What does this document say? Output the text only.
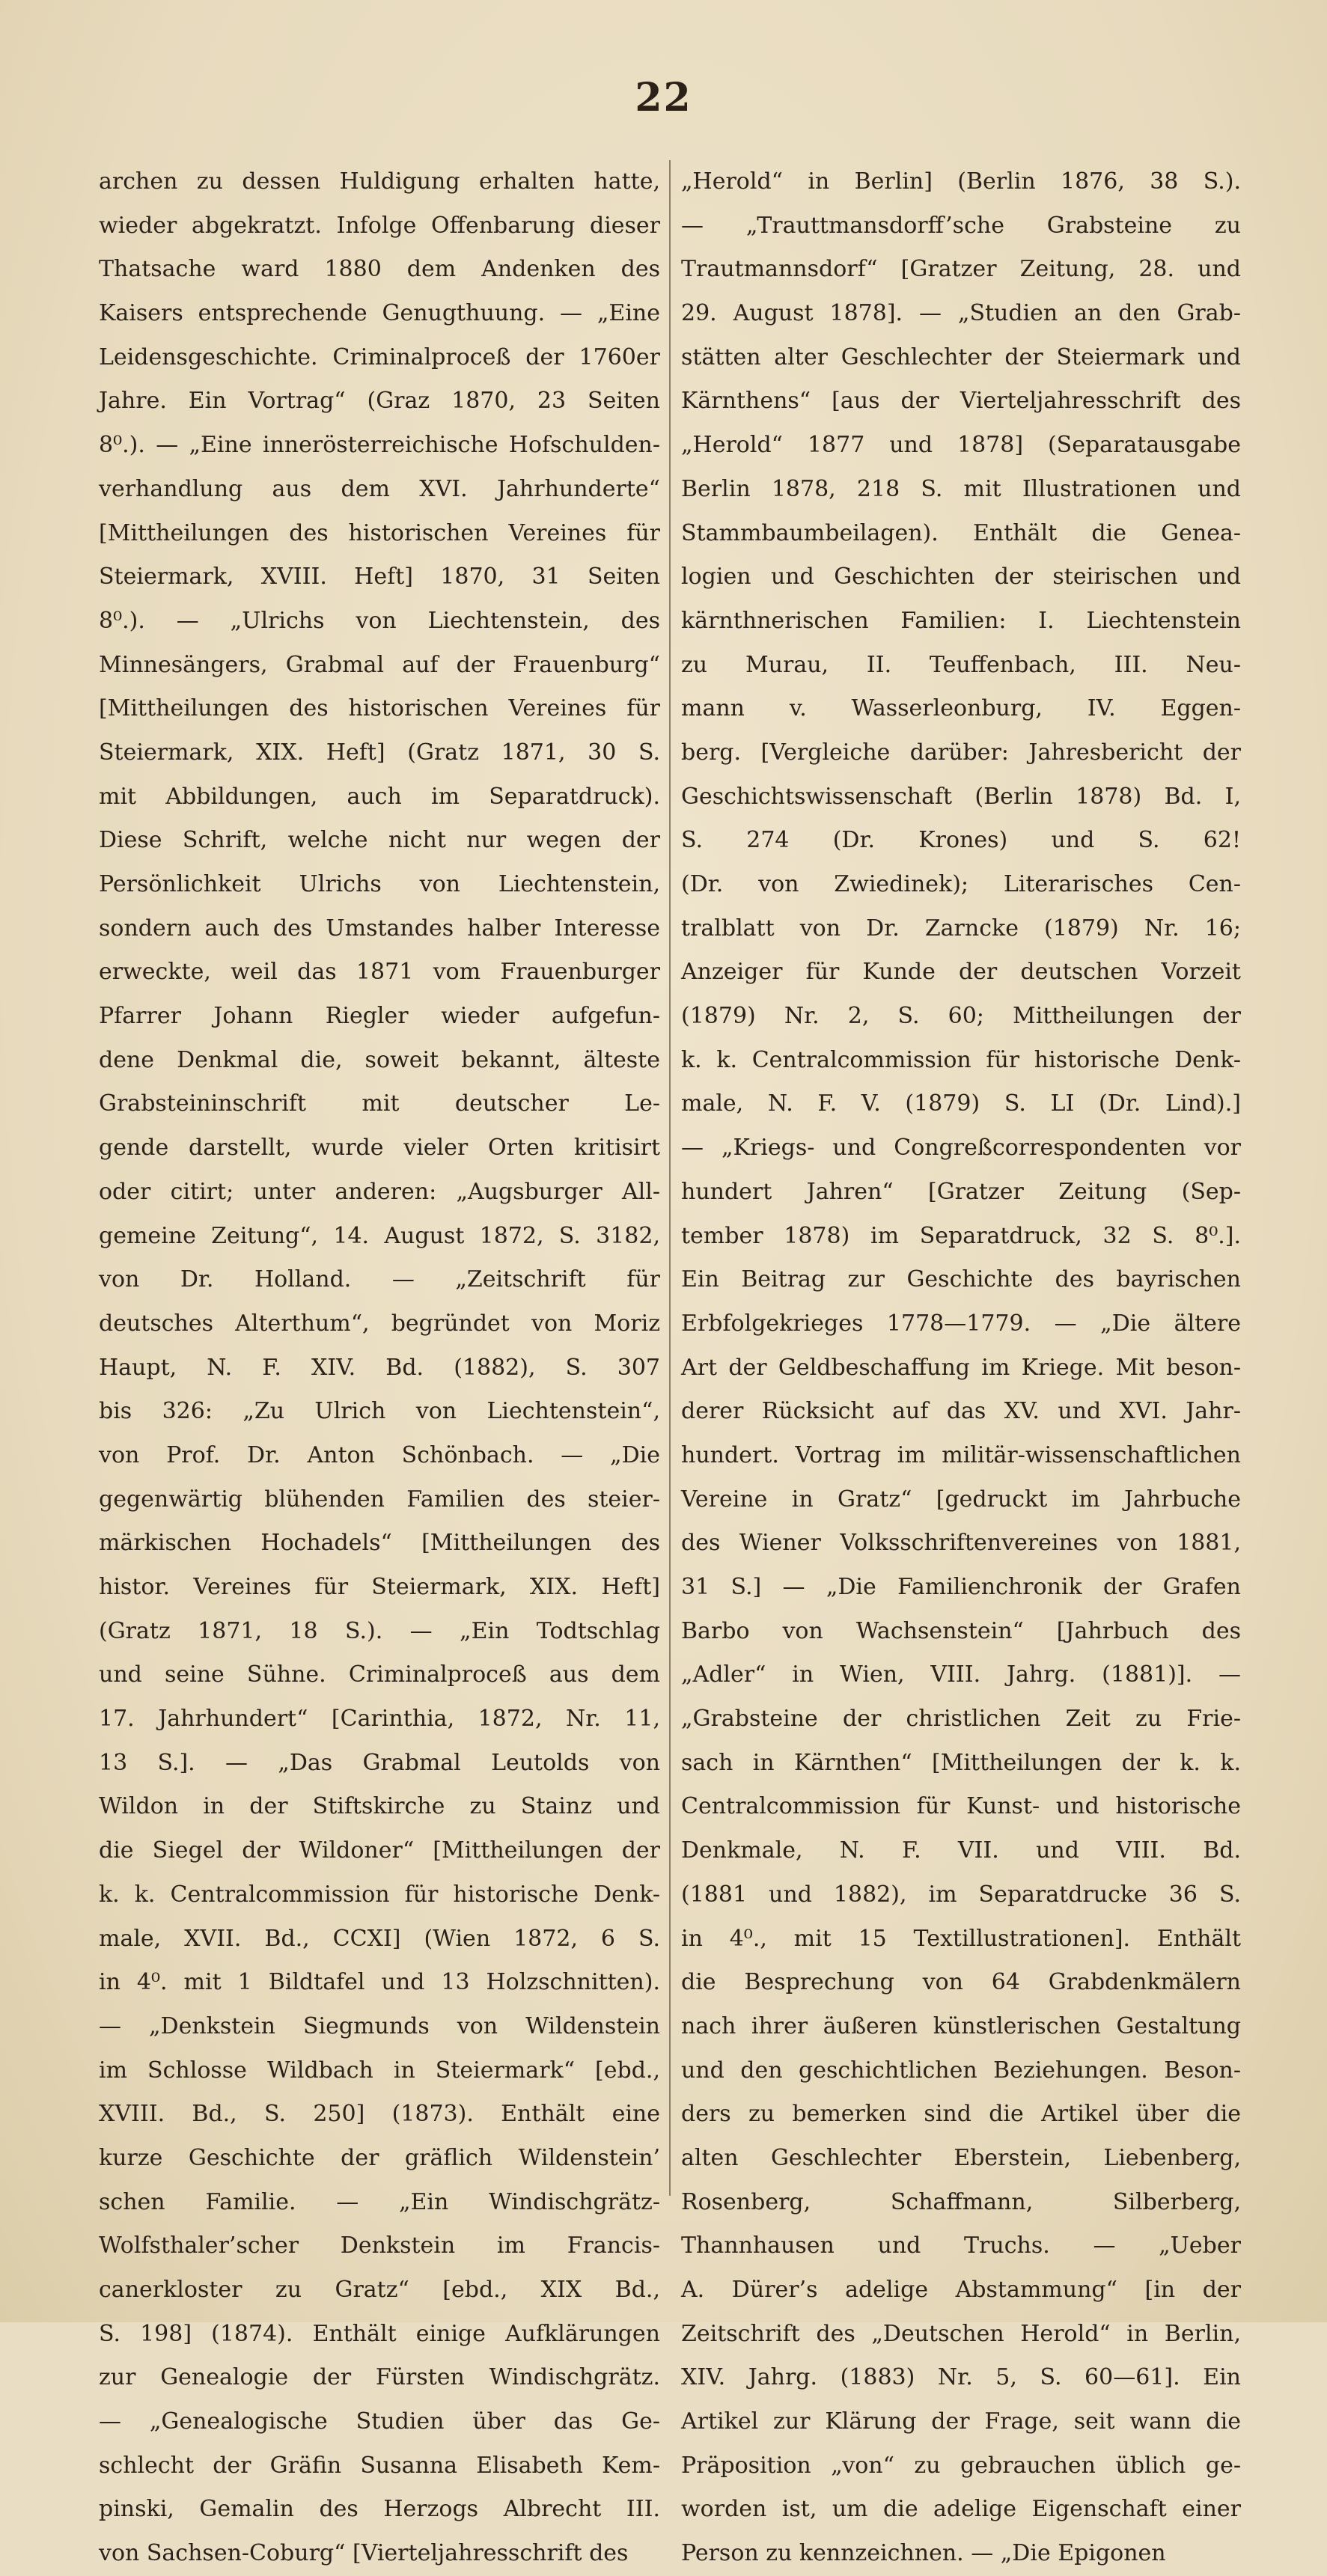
22
archen zu dessen Huldigung erhalten hatte,
wieder abgekratzt. Infolge Offenbarung dieser
Thatsache ward 1880 dem Andenken des
Kaisers entsprechende Genugthuung. — „Eine
Leidensgeschichte. Criminalproceß der 1760er
Jahre. Ein Vortrag“ (Graz 1870, 23 Seiten
8⁰.). — „Eine innerösterreichische Hofschulden-
verhandlung aus dem XVI. Jahrhunderte“
[Mittheilungen des historischen Vereines für
Steiermark, XVIII. Heft] 1870, 31 Seiten
8⁰.). — „Ulrichs von Liechtenstein, des
Minnesängers, Grabmal auf der Frauenburg“
[Mittheilungen des historischen Vereines für
Steiermark, XIX. Heft] (Gratz 1871, 30 S.
mit Abbildungen, auch im Separatdruck).
Diese Schrift, welche nicht nur wegen der
Persönlichkeit Ulrichs von Liechtenstein,
sondern auch des Umstandes halber Interesse
erweckte, weil das 1871 vom Frauenburger
Pfarrer Johann Riegler wieder aufgefun-
dene Denkmal die, soweit bekannt, älteste
Grabsteininschrift mit deutscher Le-
gende darstellt, wurde vieler Orten kritisirt
oder citirt; unter anderen: „Augsburger All-
gemeine Zeitung“, 14. August 1872, S. 3182,
von Dr. Holland. — „Zeitschrift für
deutsches Alterthum“, begründet von Moriz
Haupt, N. F. XIV. Bd. (1882), S. 307
bis 326: „Zu Ulrich von Liechtenstein“,
von Prof. Dr. Anton Schönbach. — „Die
gegenwärtig blühenden Familien des steier-
märkischen Hochadels“ [Mittheilungen des
histor. Vereines für Steiermark, XIX. Heft]
(Gratz 1871, 18 S.). — „Ein Todtschlag
und seine Sühne. Criminalproceß aus dem
17. Jahrhundert“ [Carinthia, 1872, Nr. 11,
13 S.]. — „Das Grabmal Leutolds von
Wildon in der Stiftskirche zu Stainz und
die Siegel der Wildoner“ [Mittheilungen der
k. k. Centralcommission für historische Denk-
male, XVII. Bd., CCXI] (Wien 1872, 6 S.
in 4⁰. mit 1 Bildtafel und 13 Holzschnitten).
— „Denkstein Siegmunds von Wildenstein
im Schlosse Wildbach in Steiermark“ [ebd.,
XVIII. Bd., S. 250] (1873). Enthält eine
kurze Geschichte der gräflich Wildenstein’
schen Familie. — „Ein Windischgrätz-
Wolfsthaler’scher Denkstein im Francis-
canerkloster zu Gratz“ [ebd., XIX Bd.,
S. 198] (1874). Enthält einige Aufklärungen
zur Genealogie der Fürsten Windischgrätz.
— „Genealogische Studien über das Ge-
schlecht der Gräfin Susanna Elisabeth Kem-
pinski, Gemalin des Herzogs Albrecht III.
von Sachsen-Coburg“ [Vierteljahresschrift des
„Herold“ in Berlin] (Berlin 1876, 38 S.).
— „Trauttmansdorff’sche Grabsteine zu
Trautmannsdorf“ [Gratzer Zeitung, 28. und
29. August 1878]. — „Studien an den Grab-
stätten alter Geschlechter der Steiermark und
Kärnthens“ [aus der Vierteljahresschrift des
„Herold“ 1877 und 1878] (Separatausgabe
Berlin 1878, 218 S. mit Illustrationen und
Stammbaumbeilagen). Enthält die Genea-
logien und Geschichten der steirischen und
kärnthnerischen Familien: I. Liechtenstein
zu Murau, II. Teuffenbach, III. Neu-
mann v. Wasserleonburg, IV. Eggen-
berg. [Vergleiche darüber: Jahresbericht der
Geschichtswissenschaft (Berlin 1878) Bd. I,
S. 274 (Dr. Krones) und S. 62!
(Dr. von Zwiedinek); Literarisches Cen-
tralblatt von Dr. Zarncke (1879) Nr. 16;
Anzeiger für Kunde der deutschen Vorzeit
(1879) Nr. 2, S. 60; Mittheilungen der
k. k. Centralcommission für historische Denk-
male, N. F. V. (1879) S. LI (Dr. Lind).]
— „Kriegs- und Congreßcorrespondenten vor
hundert Jahren“ [Gratzer Zeitung (Sep-
tember 1878) im Separatdruck, 32 S. 8⁰.].
Ein Beitrag zur Geschichte des bayrischen
Erbfolgekrieges 1778—1779. — „Die ältere
Art der Geldbeschaffung im Kriege. Mit beson-
derer Rücksicht auf das XV. und XVI. Jahr-
hundert. Vortrag im militär-wissenschaftlichen
Vereine in Gratz“ [gedruckt im Jahrbuche
des Wiener Volksschriftenvereines von 1881,
31 S.] — „Die Familienchronik der Grafen
Barbo von Wachsenstein“ [Jahrbuch des
„Adler“ in Wien, VIII. Jahrg. (1881)]. —
„Grabsteine der christlichen Zeit zu Frie-
sach in Kärnthen“ [Mittheilungen der k. k.
Centralcommission für Kunst- und historische
Denkmale, N. F. VII. und VIII. Bd.
(1881 und 1882), im Separatdrucke 36 S.
in 4⁰., mit 15 Textillustrationen]. Enthält
die Besprechung von 64 Grabdenkmälern
nach ihrer äußeren künstlerischen Gestaltung
und den geschichtlichen Beziehungen. Beson-
ders zu bemerken sind die Artikel über die
alten Geschlechter Eberstein, Liebenberg,
Rosenberg, Schaffmann, Silberberg,
Thannhausen und Truchs. — „Ueber
A. Dürer’s adelige Abstammung“ [in der
Zeitschrift des „Deutschen Herold“ in Berlin,
XIV. Jahrg. (1883) Nr. 5, S. 60—61]. Ein
Artikel zur Klärung der Frage, seit wann die
Präposition „von“ zu gebrauchen üblich ge-
worden ist, um die adelige Eigenschaft einer
Person zu kennzeichnen. — „Die Epigonen
